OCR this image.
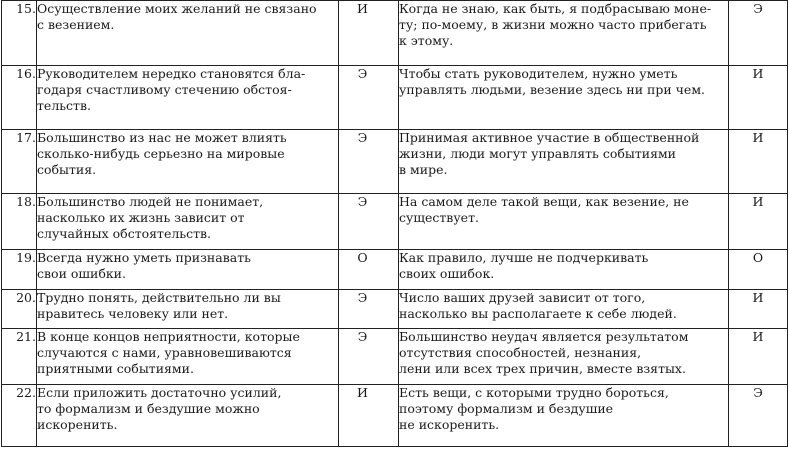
15.	Осуществление моих желаний не связано
с везением.	И	Когда не знаю, как быть, я подбрасываю моне-
ту; по-моему, в жизни можно часто прибегать
к этому.	Э
16.	Руководителем нередко становятся бла-
годаря счастливому стечению обстоя-
тельств.	Э	Чтобы стать руководителем, нужно уметь
управлять людьми, везение здесь ни при чем.	И
17.	Большинство из нас не может влиять
сколько-нибудь серьезно на мировые
события.	Э	Принимая активное участие в общественной
жизни, люди могут управлять событиями
в мире.	И
18.	Большинство людей не понимает,
насколько их жизнь зависит от
случайных обстоятельств.	Э	На самом деле такой вещи, как везение, не
существует.	И
19.	Всегда нужно уметь признавать
свои ошибки.	О	Как правило, лучше не подчеркивать
своих ошибок.	О
20.	Трудно понять, действительно ли вы
нравитесь человеку или нет.	Э	Число ваших друзей зависит от того,
насколько вы располагаете к себе людей.	И
21.	В конце концов неприятности, которые
случаются с нами, уравновешиваются
приятными событиями.	Э	Большинство неудач является результатом
отсутствия способностей, незнания,
лени или всех трех причин, вместе взятых.	И
22.	Если приложить достаточно усилий,
то формализм и бездушие можно
искоренить.	И	Есть вещи, с которыми трудно бороться,
поэтому формализм и бездушие
не искоренить.	Э
